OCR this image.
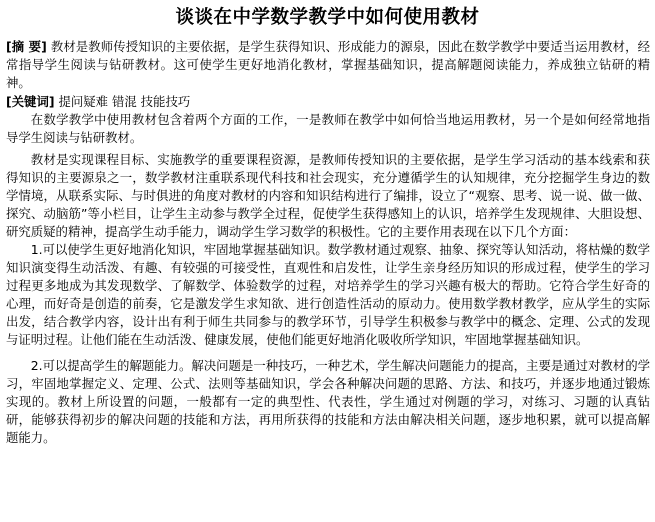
谈谈在中学数学教学中如何使用教材

[摘 要] 教材是教师传授知识的主要依据，是学生获得知识、形成能力的源泉，因此在数学教学中要适当运用教材，经常指导学生阅读与钻研教材。这可使学生更好地消化教材，掌握基础知识，提高解题阅读能力，养成独立钻研的精神。

[关键词] 提问疑难 错混 技能技巧

在数学教学中使用教材包含着两个方面的工作，一是教师在教学中如何恰当地运用教材，另一个是如何经常地指导学生阅读与钻研教材。

教材是实现课程目标、实施教学的重要课程资源，是教师传授知识的主要依据，是学生学习活动的基本线索和获得知识的主要源泉之一，数学教材注重联系现代科技和社会现实，充分遵循学生的认知规律，充分挖掘学生身边的数学情境，从联系实际、与时俱进的角度对教材的内容和知识结构进行了编排，设立了“观察、思考、说一说、做一做、探究、动脑筋”等小栏目，让学生主动参与教学全过程，促使学生获得感知上的认识，培养学生发现规律、大胆设想、研究质疑的精神，提高学生动手能力，调动学生学习数学的积极性。它的主要作用表现在以下几个方面：

1.可以使学生更好地消化知识，牢固地掌握基础知识。数学教材通过观察、抽象、探究等认知活动，将枯燥的数学知识演变得生动活泼、有趣、有较强的可接受性，直观性和启发性，让学生亲身经历知识的形成过程，使学生的学习过程更多地成为其发现数学、了解数学、体验数学的过程，对培养学生的学习兴趣有极大的帮助。它符合学生好奇的心理，而好奇是创造的前奏，它是激发学生求知欲、进行创造性活动的原动力。使用数学教材教学，应从学生的实际出发，结合教学内容，设计出有利于师生共同参与的教学环节，引导学生积极参与教学中的概念、定理、公式的发现与证明过程。让他们能在生动活泼、健康发展，使他们能更好地消化吸收所学知识，牢固地掌握基础知识。

2.可以提高学生的解题能力。解决问题是一种技巧，一种艺术，学生解决问题能力的提高，主要是通过对教材的学习，牢固地掌握定义、定理、公式、法则等基础知识，学会各种解决问题的思路、方法、和技巧，并逐步地通过锻炼实现的。教材上所设置的问题，一般都有一定的典型性、代表性，学生通过对例题的学习，对练习、习题的认真钻研，能够获得初步的解决问题的技能和方法，再用所获得的技能和方法由解决相关问题，逐步地积累，就可以提高解题能力。
